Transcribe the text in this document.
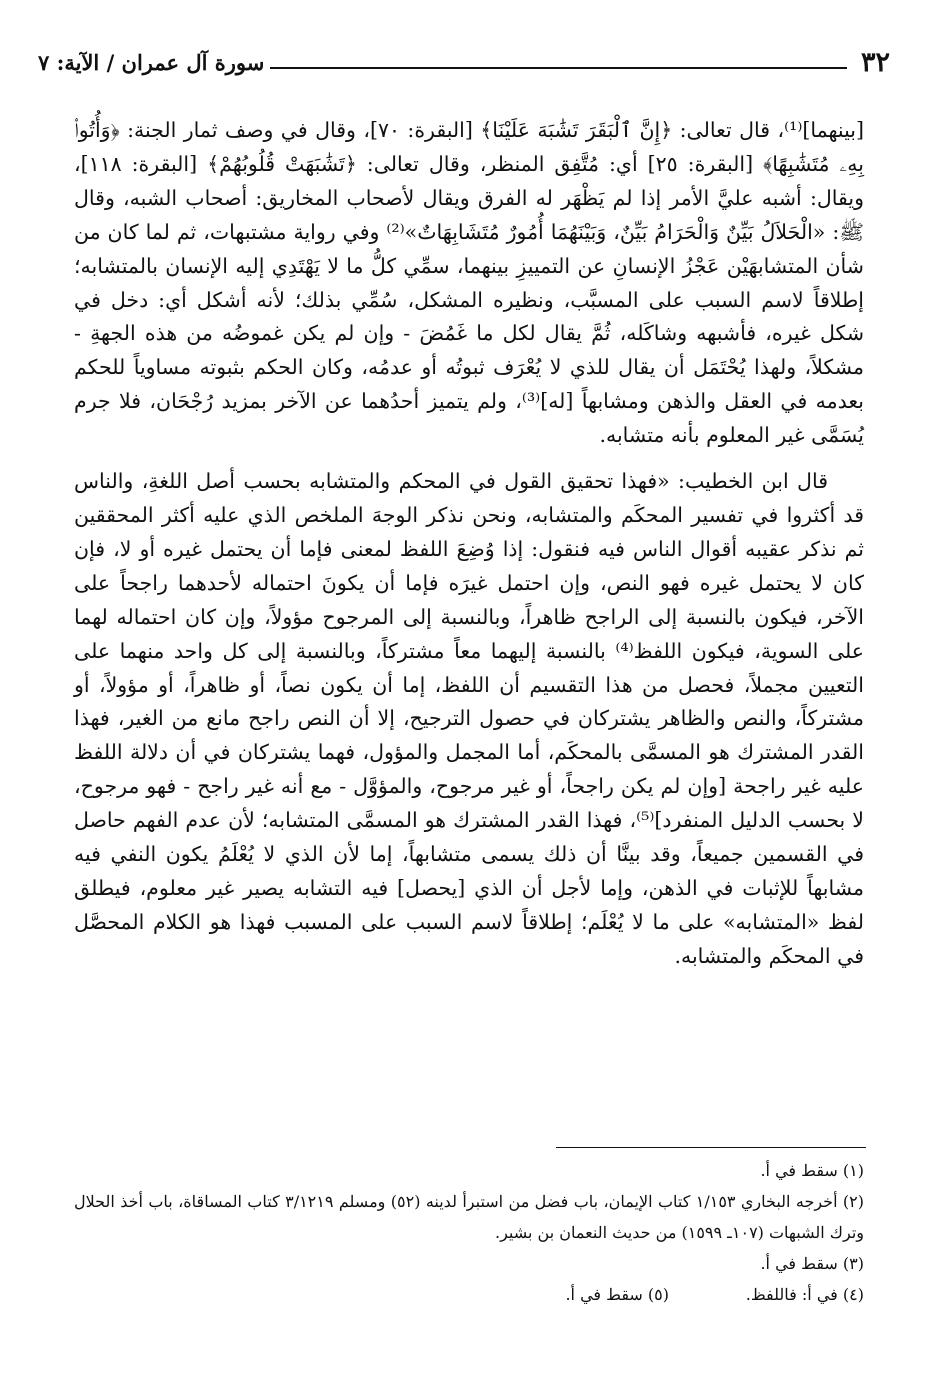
٣٢
سورة آل عمران / الآية: ٧

[بينهما]⁽¹⁾، قال تعالى: ﴿إِنَّ ٱلْبَقَرَ تَشَٰبَهَ عَلَيْنَا﴾ [البقرة: ٧٠]، وقال في وصف ثمار الجنة: ﴿وَأُتُوا۟ بِهِۦ مُتَشَٰبِهًا﴾ [البقرة: ٢٥] أي: مُتَّفِق المنظر، وقال تعالى: ﴿تَشَٰبَهَتْ قُلُوبُهُمْ﴾ [البقرة: ١١٨]، ويقال: أشبه عليَّ الأمر إذا لم يَظْهَر له الفرق ويقال لأصحاب المخاريق: أصحاب الشبه، وقال ﷺ: «الْحَلاَلُ بَيِّنٌ وَالْحَرَامُ بَيِّنٌ، وَبَيْنَهُمَا أُمُورٌ مُتَشَابِهَاتٌ»⁽²⁾ وفي رواية مشتبهات، ثم لما كان من شأن المتشابهَيْن عَجْزُ الإنسانِ عن التمييزِ بينهما، سمِّي كلُّ ما لا يَهْتَدِي إليه الإنسان بالمتشابه؛ إطلاقاً لاسم السبب على المسبَّب، ونظيره المشكل، سُمِّي بذلك؛ لأنه أشكل أي: دخل في شكل غيره، فأشبهه وشاكَله، ثُمَّ يقال لكل ما غَمُضَ - وإن لم يكن غموضُه من هذه الجهةِ - مشكلاً، ولهذا يُحْتَمَل أن يقال للذي لا يُعْرَف ثبوتُه أو عدمُه، وكان الحكم بثبوته مساوياً للحكم بعدمه في العقل والذهن ومشابهاً [له]⁽³⁾، ولم يتميز أحدُهما عن الآخر بمزيد رُجْحَان، فلا جرم يُسَمَّى غير المعلوم بأنه متشابه.

قال ابن الخطيب: «فهذا تحقيق القول في المحكم والمتشابه بحسب أصل اللغةِ، والناس قد أكثروا في تفسير المحكَم والمتشابه، ونحن نذكر الوجهَ الملخص الذي عليه أكثر المحققين ثم نذكر عقيبه أقوال الناس فيه فنقول: إذا وُضِعَ اللفظ لمعنى فإما أن يحتمل غيره أو لا، فإن كان لا يحتمل غيره فهو النص، وإن احتمل غيرَه فإما أن يكونَ احتماله لأحدهما راجحاً على الآخر، فيكون بالنسبة إلى الراجح ظاهراً، وبالنسبة إلى المرجوح مؤولاً، وإن كان احتماله لهما على السوية، فيكون اللفظ⁽⁴⁾ بالنسبة إليهما معاً مشتركاً، وبالنسبة إلى كل واحد منهما على التعيين مجملاً، فحصل من هذا التقسيم أن اللفظ، إما أن يكون نصاً، أو ظاهراً، أو مؤولاً، أو مشتركاً، والنص والظاهر يشتركان في حصول الترجيح، إلا أن النص راجح مانع من الغير، فهذا القدر المشترك هو المسمَّى بالمحكَم، أما المجمل والمؤول، فهما يشتركان في أن دلالة اللفظ عليه غير راجحة [وإن لم يكن راجحاً، أو غير مرجوح، والمؤوَّل - مع أنه غير راجح - فهو مرجوح، لا بحسب الدليل المنفرد]⁽⁵⁾، فهذا القدر المشترك هو المسمَّى المتشابه؛ لأن عدم الفهم حاصل في القسمين جميعاً، وقد بينَّا أن ذلك يسمى متشابهاً، إما لأن الذي لا يُعْلَمُ يكون النفي فيه مشابهاً للإثبات في الذهن، وإما لأجل أن الذي [يحصل] فيه التشابه يصير غير معلوم، فيطلق لفظ «المتشابه» على ما لا يُعْلَم؛ إطلاقاً لاسم السبب على المسبب فهذا هو الكلام المحصَّل في المحكَم والمتشابه.

(١) سقط في أ.

(٢) أخرجه البخاري ١/١٥٣ كتاب الإيمان، باب فضل من استبرأ لدينه (٥٢) ومسلم ٣/١٢١٩ كتاب المساقاة، باب أخذ الحلال وترك الشبهات (١٠٧ـ ١٥٩٩) من حديث النعمان بن بشير.

(٣) سقط في أ.

(٤) في أ: فاللفظ.

(٥) سقط في أ.
